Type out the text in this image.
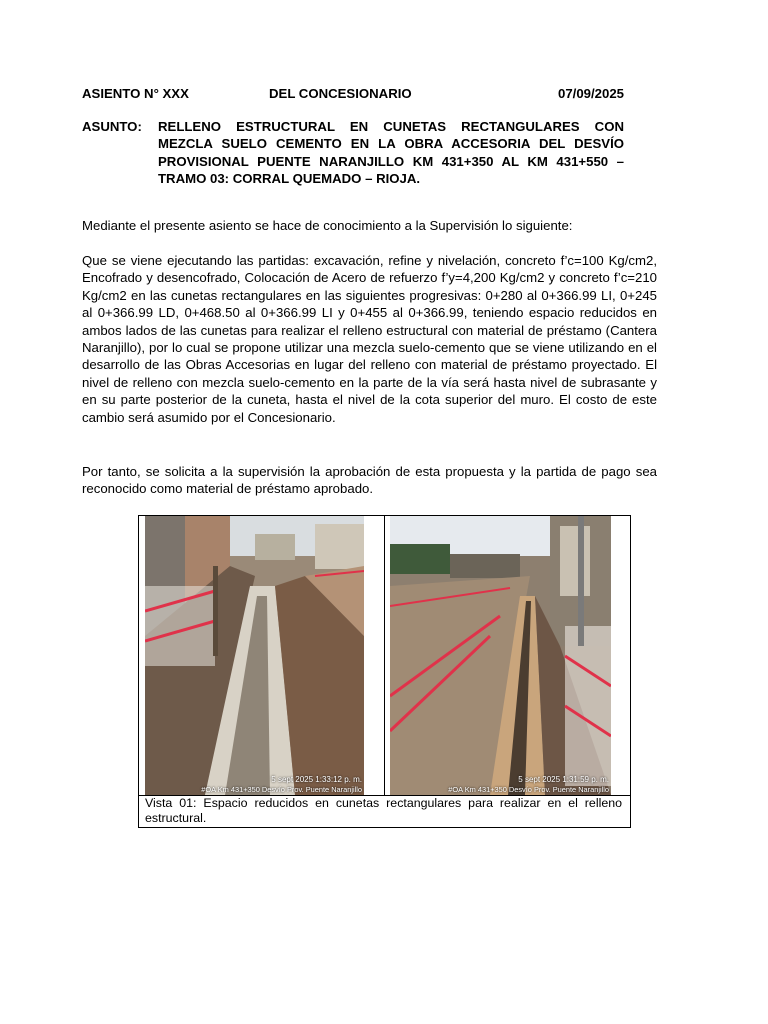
ASIENTO N° XXX	DEL CONCESIONARIO	07/09/2025
ASUNTO: RELLENO ESTRUCTURAL EN CUNETAS RECTANGULARES CON MEZCLA SUELO CEMENTO EN LA OBRA ACCESORIA DEL DESVÍO PROVISIONAL PUENTE NARANJILLO KM 431+350 AL KM 431+550 – TRAMO 03: CORRAL QUEMADO – RIOJA.

Mediante el presente asiento se hace de conocimiento a la Supervisión lo siguiente:

Que se viene ejecutando las partidas: excavación, refine y nivelación, concreto f’c=100 Kg/cm2, Encofrado y desencofrado, Colocación de Acero de refuerzo f’y=4,200 Kg/cm2 y concreto f’c=210 Kg/cm2 en las cunetas rectangulares en las siguientes progresivas: 0+280 al 0+366.99 LI, 0+245 al 0+366.99 LD, 0+468.50 al 0+366.99 LI y 0+455 al 0+366.99, teniendo espacio reducidos en ambos lados de las cunetas para realizar el relleno estructural con material de préstamo (Cantera Naranjillo), por lo cual se propone utilizar una mezcla suelo-cemento que se viene utilizando en el desarrollo de las Obras Accesorias en lugar del relleno con material de préstamo proyectado. El nivel de relleno con mezcla suelo-cemento en la parte de la vía será hasta nivel de subrasante y en su parte posterior de la cuneta, hasta el nivel de la cota superior del muro. El costo de este cambio será asumido por el Concesionario.

Por tanto, se solicita a la supervisión la aprobación de esta propuesta y la partida de pago sea reconocido como material de préstamo aprobado.

5 sept 2025 1:33:12 p. m.
#OA Km 431+350 Desvío Prov. Puente Naranjillo
5 sept 2025 1:31:59 p. m.
#OA Km 431+350 Desvío Prov. Puente Naranjillo
Vista 01: Espacio reducidos en cunetas rectangulares para realizar en el relleno estructural.
